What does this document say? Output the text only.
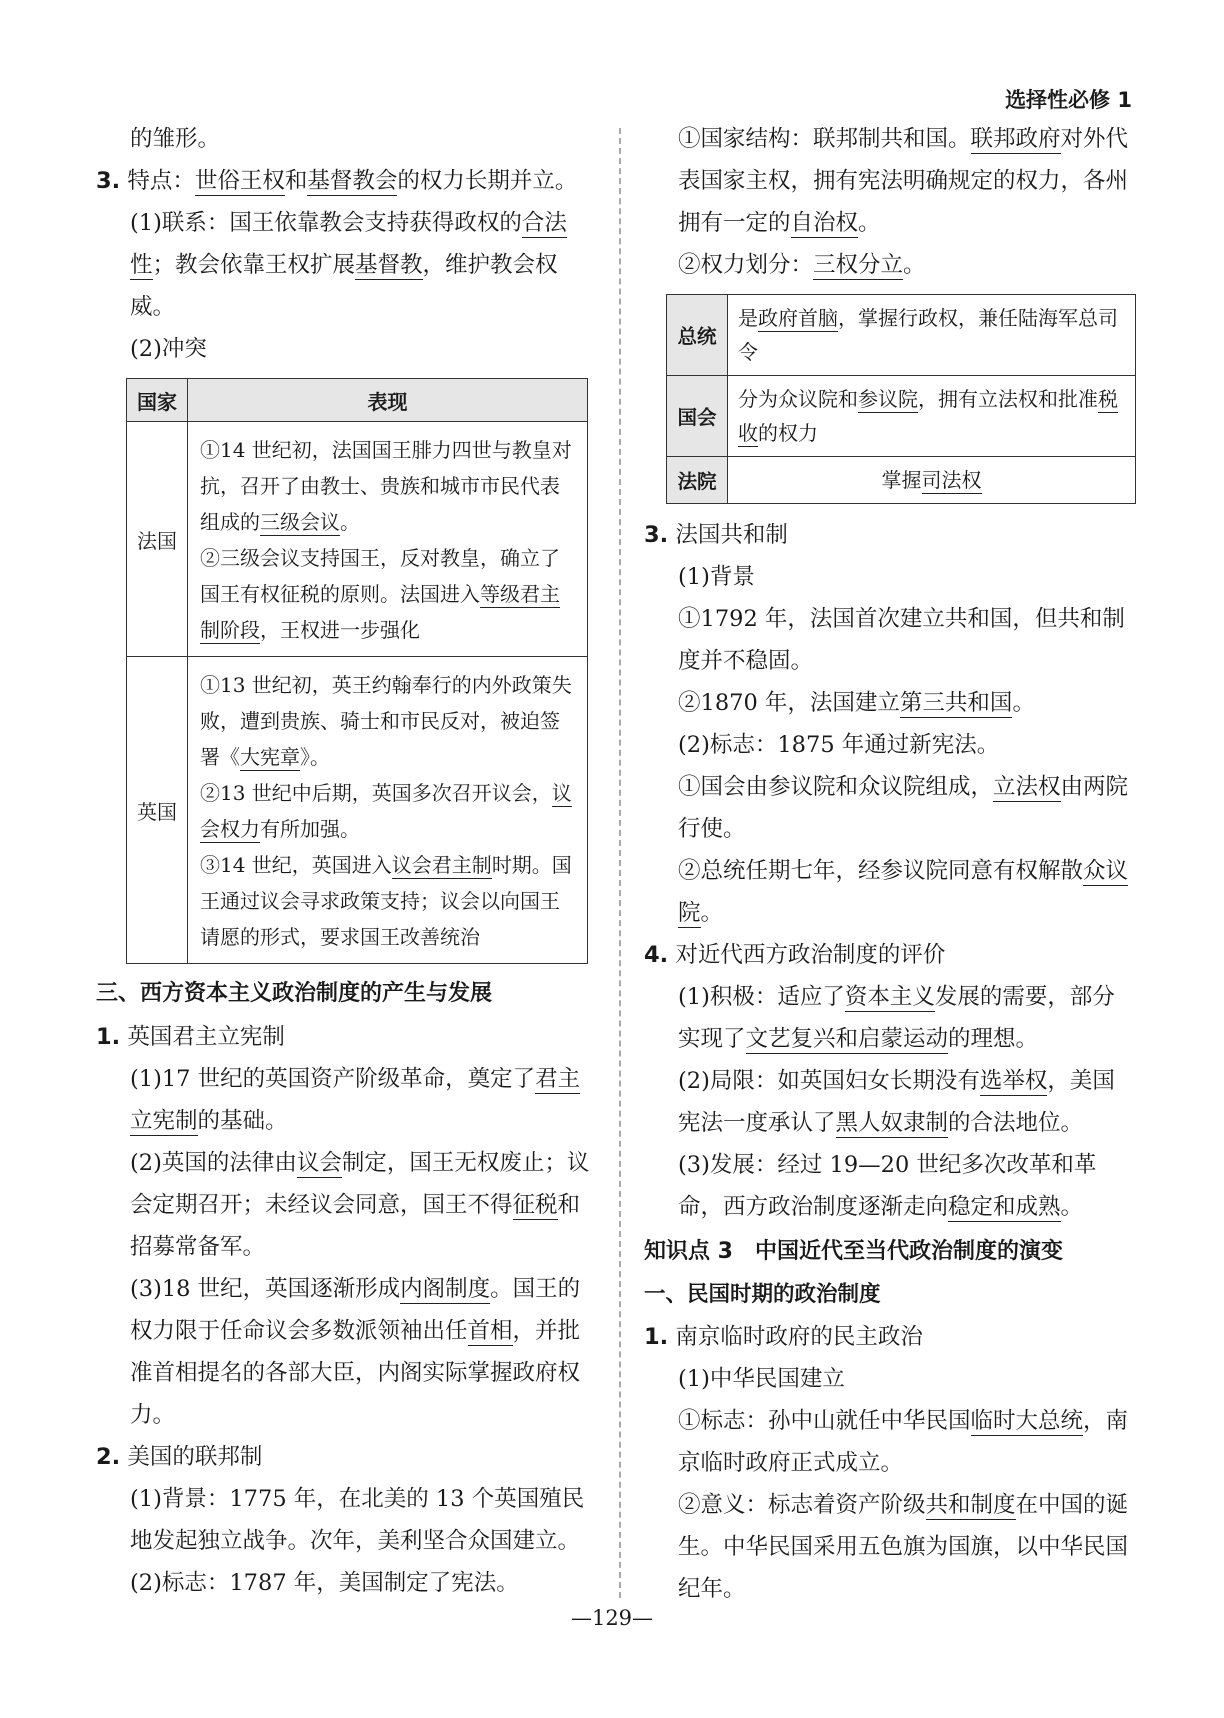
选择性必修 1

的雏形。

3. 特点：世俗王权和基督教会的权力长期并立。

(1)联系：国王依靠教会支持获得政权的合法性；教会依靠王权扩展基督教，维护教会权威。

(2)冲突

国家	表现
法国	①14 世纪初，法国国王腓力四世与教皇对抗，召开了由教士、贵族和城市市民代表组成的三级会议。
②三级会议支持国王，反对教皇，确立了国王有权征税的原则。法国进入等级君主制阶段，王权进一步强化

英国	①13 世纪初，英王约翰奉行的内外政策失败，遭到贵族、骑士和市民反对，被迫签署《大宪章》。
②13 世纪中后期，英国多次召开议会，议会权力有所加强。
③14 世纪，英国进入议会君主制时期。国王通过议会寻求政策支持；议会以向国王请愿的形式，要求国王改善统治
三、西方资本主义政治制度的产生与发展

1. 英国君主立宪制

(1)17 世纪的英国资产阶级革命，奠定了君主立宪制的基础。

(2)英国的法律由议会制定，国王无权废止；议会定期召开；未经议会同意，国王不得征税和招募常备军。

(3)18 世纪，英国逐渐形成内阁制度。国王的权力限于任命议会多数派领袖出任首相，并批准首相提名的各部大臣，内阁实际掌握政府权力。

2. 美国的联邦制

(1)背景：1775 年，在北美的 13 个英国殖民地发起独立战争。次年，美利坚合众国建立。

(2)标志：1787 年，美国制定了宪法。

①国家结构：联邦制共和国。联邦政府对外代表国家主权，拥有宪法明确规定的权力，各州拥有一定的自治权。

②权力划分：三权分立。

总统	是政府首脑，掌握行政权，兼任陆海军总司令
国会	分为众议院和参议院，拥有立法权和批准税收的权力
法院	掌握司法权

3. 法国共和制

(1)背景

①1792 年，法国首次建立共和国，但共和制度并不稳固。

②1870 年，法国建立第三共和国。

(2)标志：1875 年通过新宪法。

①国会由参议院和众议院组成，立法权由两院行使。

②总统任期七年，经参议院同意有权解散众议院。

4. 对近代西方政治制度的评价

(1)积极：适应了资本主义发展的需要，部分实现了文艺复兴和启蒙运动的理想。

(2)局限：如英国妇女长期没有选举权，美国宪法一度承认了黑人奴隶制的合法地位。

(3)发展：经过 19—20 世纪多次改革和革命，西方政治制度逐渐走向稳定和成熟。

知识点 3　中国近代至当代政治制度的演变
一、民国时期的政治制度

1. 南京临时政府的民主政治

(1)中华民国建立

①标志：孙中山就任中华民国临时大总统，南京临时政府正式成立。

②意义：标志着资产阶级共和制度在中国的诞生。中华民国采用五色旗为国旗，以中华民国纪年。

—129—
